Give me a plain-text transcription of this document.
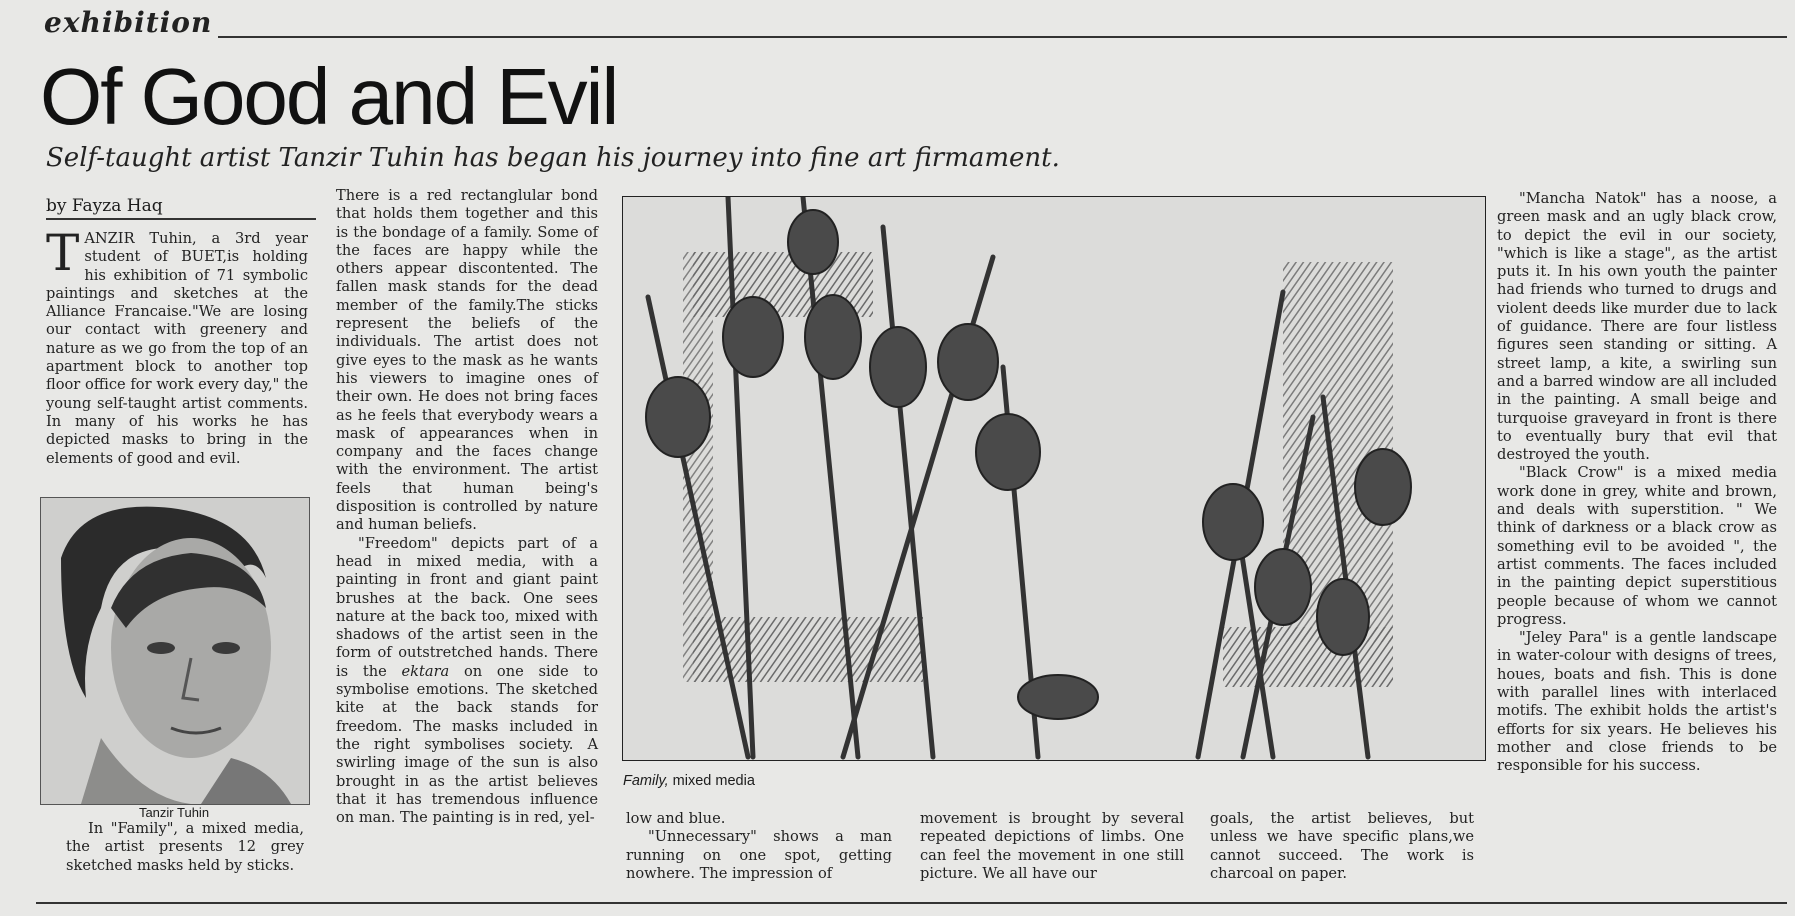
exhibition
Of Good and Evil
Self-taught artist Tanzir Tuhin has began his journey into fine art firmament.
by Fayza Haq

TANZIR Tuhin, a 3rd year student of BUET,is holding his exhibition of 71 symbolic paintings and sketches at the Alliance Francaise."We are losing our contact with greenery and nature as we go from the top of an apartment block to another top floor office for work every day," the young self-taught artist comments. In many of his works he has depicted masks to bring in the elements of good and evil.

Tanzir Tuhin

In "Family", a mixed media, the artist presents 12 grey sketched masks held by sticks.

There is a red rectanglular bond that holds them together and this is the bondage of a family. Some of the faces are happy while the others appear discontented. The fallen mask stands for the dead member of the family.The sticks represent the beliefs of the individuals. The artist does not give eyes to the mask as he wants his viewers to imagine ones of their own. He does not bring faces as he feels that everybody wears a mask of appearances when in company and the faces change with the environment. The artist feels that human being's disposition is controlled by nature and human beliefs.

"Freedom" depicts part of a head in mixed media, with a painting in front and giant paint brushes at the back. One sees nature at the back too, mixed with shadows of the artist seen in the form of outstretched hands. There is the ektara on one side to symbolise emotions. The sketched kite at the back stands for freedom. The masks included in the right symbolises society. A swirling image of the sun is also brought in as the artist believes that it has tremendous influence on man. The painting is in red, yel-

Family, mixed media

low and blue.

"Unnecessary" shows a man running on one spot, getting nowhere. The impression of

movement is brought by several repeated depictions of limbs. One can feel the movement in one still picture. We all have our

goals, the artist believes, but unless we have specific plans,we cannot succeed. The work is charcoal on paper.

"Mancha Natok" has a noose, a green mask and an ugly black crow, to depict the evil in our society, "which is like a stage", as the artist puts it. In his own youth the painter had friends who turned to drugs and violent deeds like murder due to lack of guidance. There are four listless figures seen standing or sitting. A street lamp, a kite, a swirling sun and a barred window are all included in the painting. A small beige and turquoise graveyard in front is there to eventually bury that evil that destroyed the youth.

"Black Crow" is a mixed media work done in grey, white and brown, and deals with superstition. " We think of darkness or a black crow as something evil to be avoided ", the artist comments. The faces included in the painting depict superstitious people because of whom we cannot progress.

"Jeley Para" is a gentle landscape in water-colour with designs of trees, houes, boats and fish. This is done with parallel lines with interlaced motifs. The exhibit holds the artist's efforts for six years. He believes his mother and close friends to be responsible for his success.
